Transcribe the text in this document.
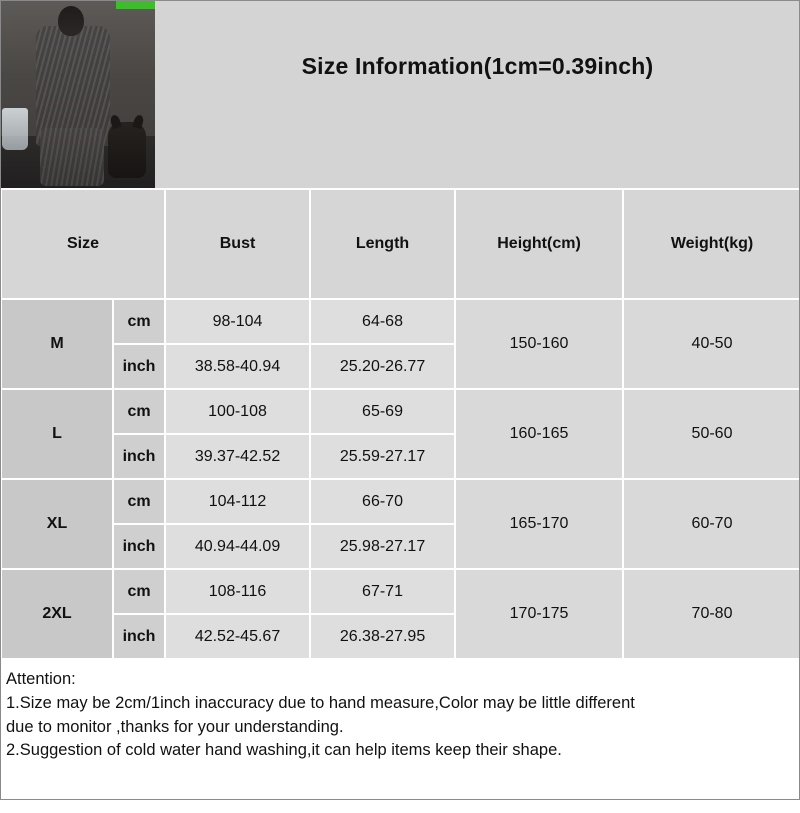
Size Information(1cm=0.39inch)
Size		Bust	Length	Height(cm)	Weight(kg)
M	cm	98-104	64-68	150-160	40-50
	inch	38.58-40.94	25.20-26.77		
L	cm	100-108	65-69	160-165	50-60
	inch	39.37-42.52	25.59-27.17		
XL	cm	104-112	66-70	165-170	60-70
	inch	40.94-44.09	25.98-27.17		
2XL	cm	108-116	67-71	170-175	70-80
	inch	42.52-45.67	26.38-27.95		
Attention:
1.Size may be 2cm/1inch inaccuracy due to hand measure,Color may be little different
due to monitor ,thanks for your understanding.
2.Suggestion of cold water hand washing,it can help items keep their shape.
